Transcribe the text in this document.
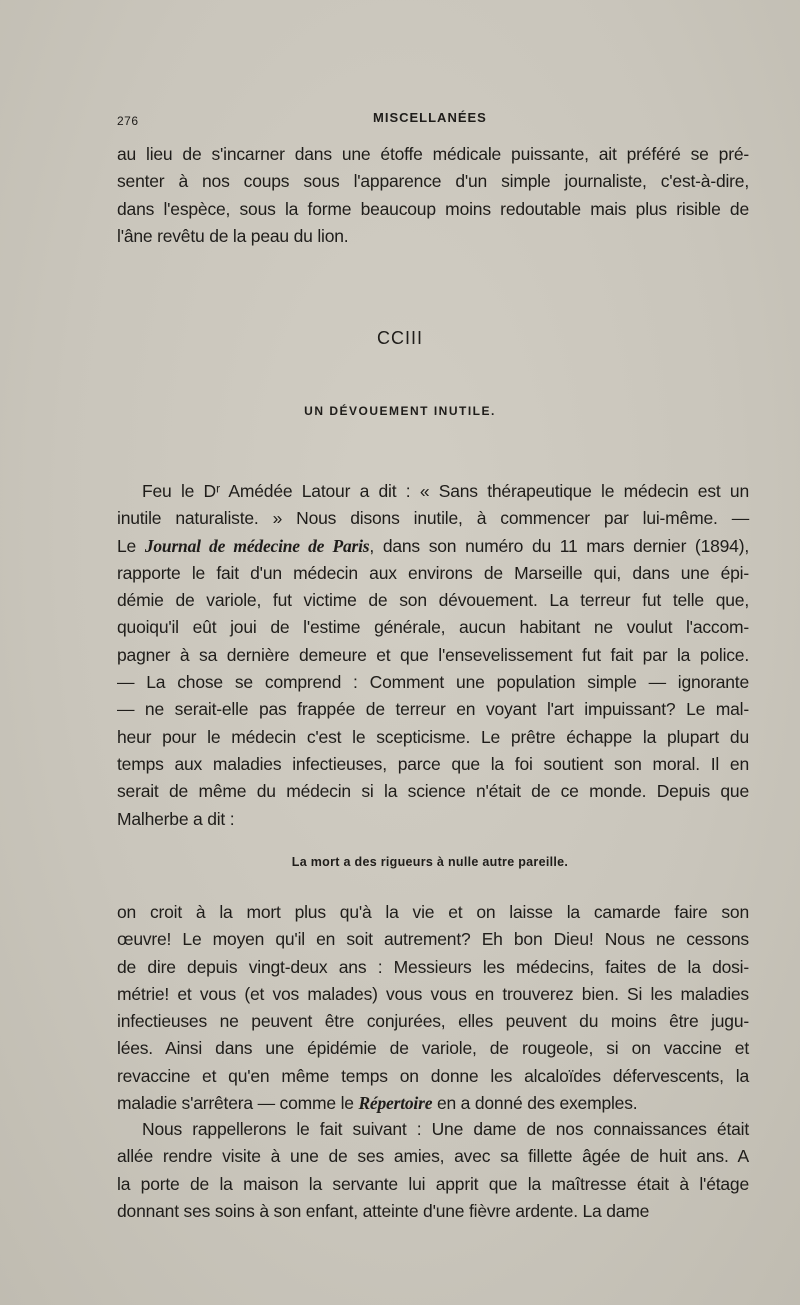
276	MISCELLANÉES
au lieu de s'incarner dans une étoffe médicale puissante, ait préféré se pré-
senter à nos coups sous l'apparence d'un simple journaliste, c'est-à-dire,
dans l'espèce, sous la forme beaucoup moins redoutable mais plus risible de
l'âne revêtu de la peau du lion.
CCIII
UN DÉVOUEMENT INUTILE.
Feu le Dʳ Amédée Latour a dit : « Sans thérapeutique le médecin est un
inutile naturaliste. » Nous disons inutile, à commencer par lui-même. —
Le Journal de médecine de Paris, dans son numéro du 11 mars dernier (1894),
rapporte le fait d'un médecin aux environs de Marseille qui, dans une épi-
démie de variole, fut victime de son dévouement. La terreur fut telle que,
quoiqu'il eût joui de l'estime générale, aucun habitant ne voulut l'accom-
pagner à sa dernière demeure et que l'ensevelissement fut fait par la police.
— La chose se comprend : Comment une population simple — ignorante
— ne serait-elle pas frappée de terreur en voyant l'art impuissant? Le mal-
heur pour le médecin c'est le scepticisme. Le prêtre échappe la plupart du
temps aux maladies infectieuses, parce que la foi soutient son moral. Il en
serait de même du médecin si la science n'était de ce monde. Depuis que
Malherbe a dit :
La mort a des rigueurs à nulle autre pareille.
on croit à la mort plus qu'à la vie et on laisse la camarde faire son
œuvre! Le moyen qu'il en soit autrement? Eh bon Dieu! Nous ne cessons
de dire depuis vingt-deux ans : Messieurs les médecins, faites de la dosi-
métrie! et vous (et vos malades) vous vous en trouverez bien. Si les maladies
infectieuses ne peuvent être conjurées, elles peuvent du moins être jugu-
lées. Ainsi dans une épidémie de variole, de rougeole, si on vaccine et
revaccine et qu'en même temps on donne les alcaloïdes défervescents, la
maladie s'arrêtera — comme le Répertoire en a donné des exemples.
Nous rappellerons le fait suivant : Une dame de nos connaissances était
allée rendre visite à une de ses amies, avec sa fillette âgée de huit ans. A
la porte de la maison la servante lui apprit que la maîtresse était à l'étage
donnant ses soins à son enfant, atteinte d'une fièvre ardente. La dame
